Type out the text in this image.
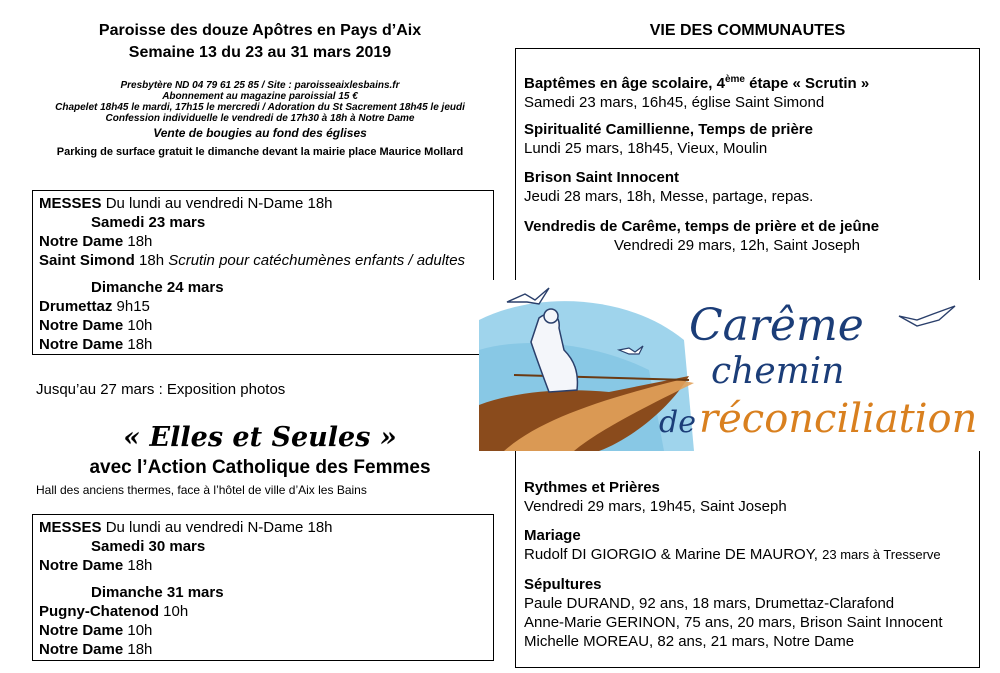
Paroisse des douze Apôtres en Pays d’Aix
Semaine 13 du 23 au 31 mars 2019
Presbytère ND 04 79 61 25 85 / Site : paroisseaixlesbains.fr
Abonnement au magazine paroissial 15 €
Chapelet 18h45 le mardi, 17h15 le mercredi / Adoration du St Sacrement 18h45 le jeudi
Confession individuelle le vendredi de 17h30 à 18h à Notre Dame
Vente de bougies au fond des églises
Parking de surface gratuit le dimanche devant la mairie place Maurice Mollard
MESSES Du lundi au vendredi N-Dame 18h
Samedi 23 mars
Notre Dame 18h
Saint Simond 18h Scrutin pour catéchumènes enfants / adultes
Dimanche 24 mars
Drumettaz 9h15
Notre Dame 10h
Notre Dame 18h
Jusqu’au 27 mars : Exposition photos
« Elles et Seules »
avec l’Action Catholique des Femmes
Hall des anciens thermes, face à l’hôtel de ville d’Aix les Bains
MESSES Du lundi au vendredi N-Dame 18h
Samedi 30 mars
Notre Dame 18h
Dimanche 31 mars
Pugny-Chatenod 10h
Notre Dame 10h
Notre Dame 18h
VIE DES COMMUNAUTES
Baptêmes en âge scolaire, 4ème étape « Scrutin »
Samedi 23 mars, 16h45, église Saint Simond
Spiritualité Camillienne, Temps de prière
Lundi 25 mars, 18h45, Vieux, Moulin
Brison Saint Innocent
Jeudi 28 mars, 18h, Messe, partage, repas.
Vendredis de Carême, temps de prière et de jeûne
Vendredi 29 mars, 12h, Saint Joseph
Rythmes et Prières
Vendredi 29 mars, 19h45, Saint Joseph
Mariage
Rudolf DI GIORGIO & Marine DE MAUROY, 23 mars à Tresserve
Sépultures
Paule DURAND, 92 ans, 18 mars, Drumettaz-Clarafond
Anne-Marie GERINON, 75 ans, 20 mars, Brison Saint Innocent
Michelle MOREAU, 82 ans, 21 mars, Notre Dame
Carême
chemin
de réconciliation
